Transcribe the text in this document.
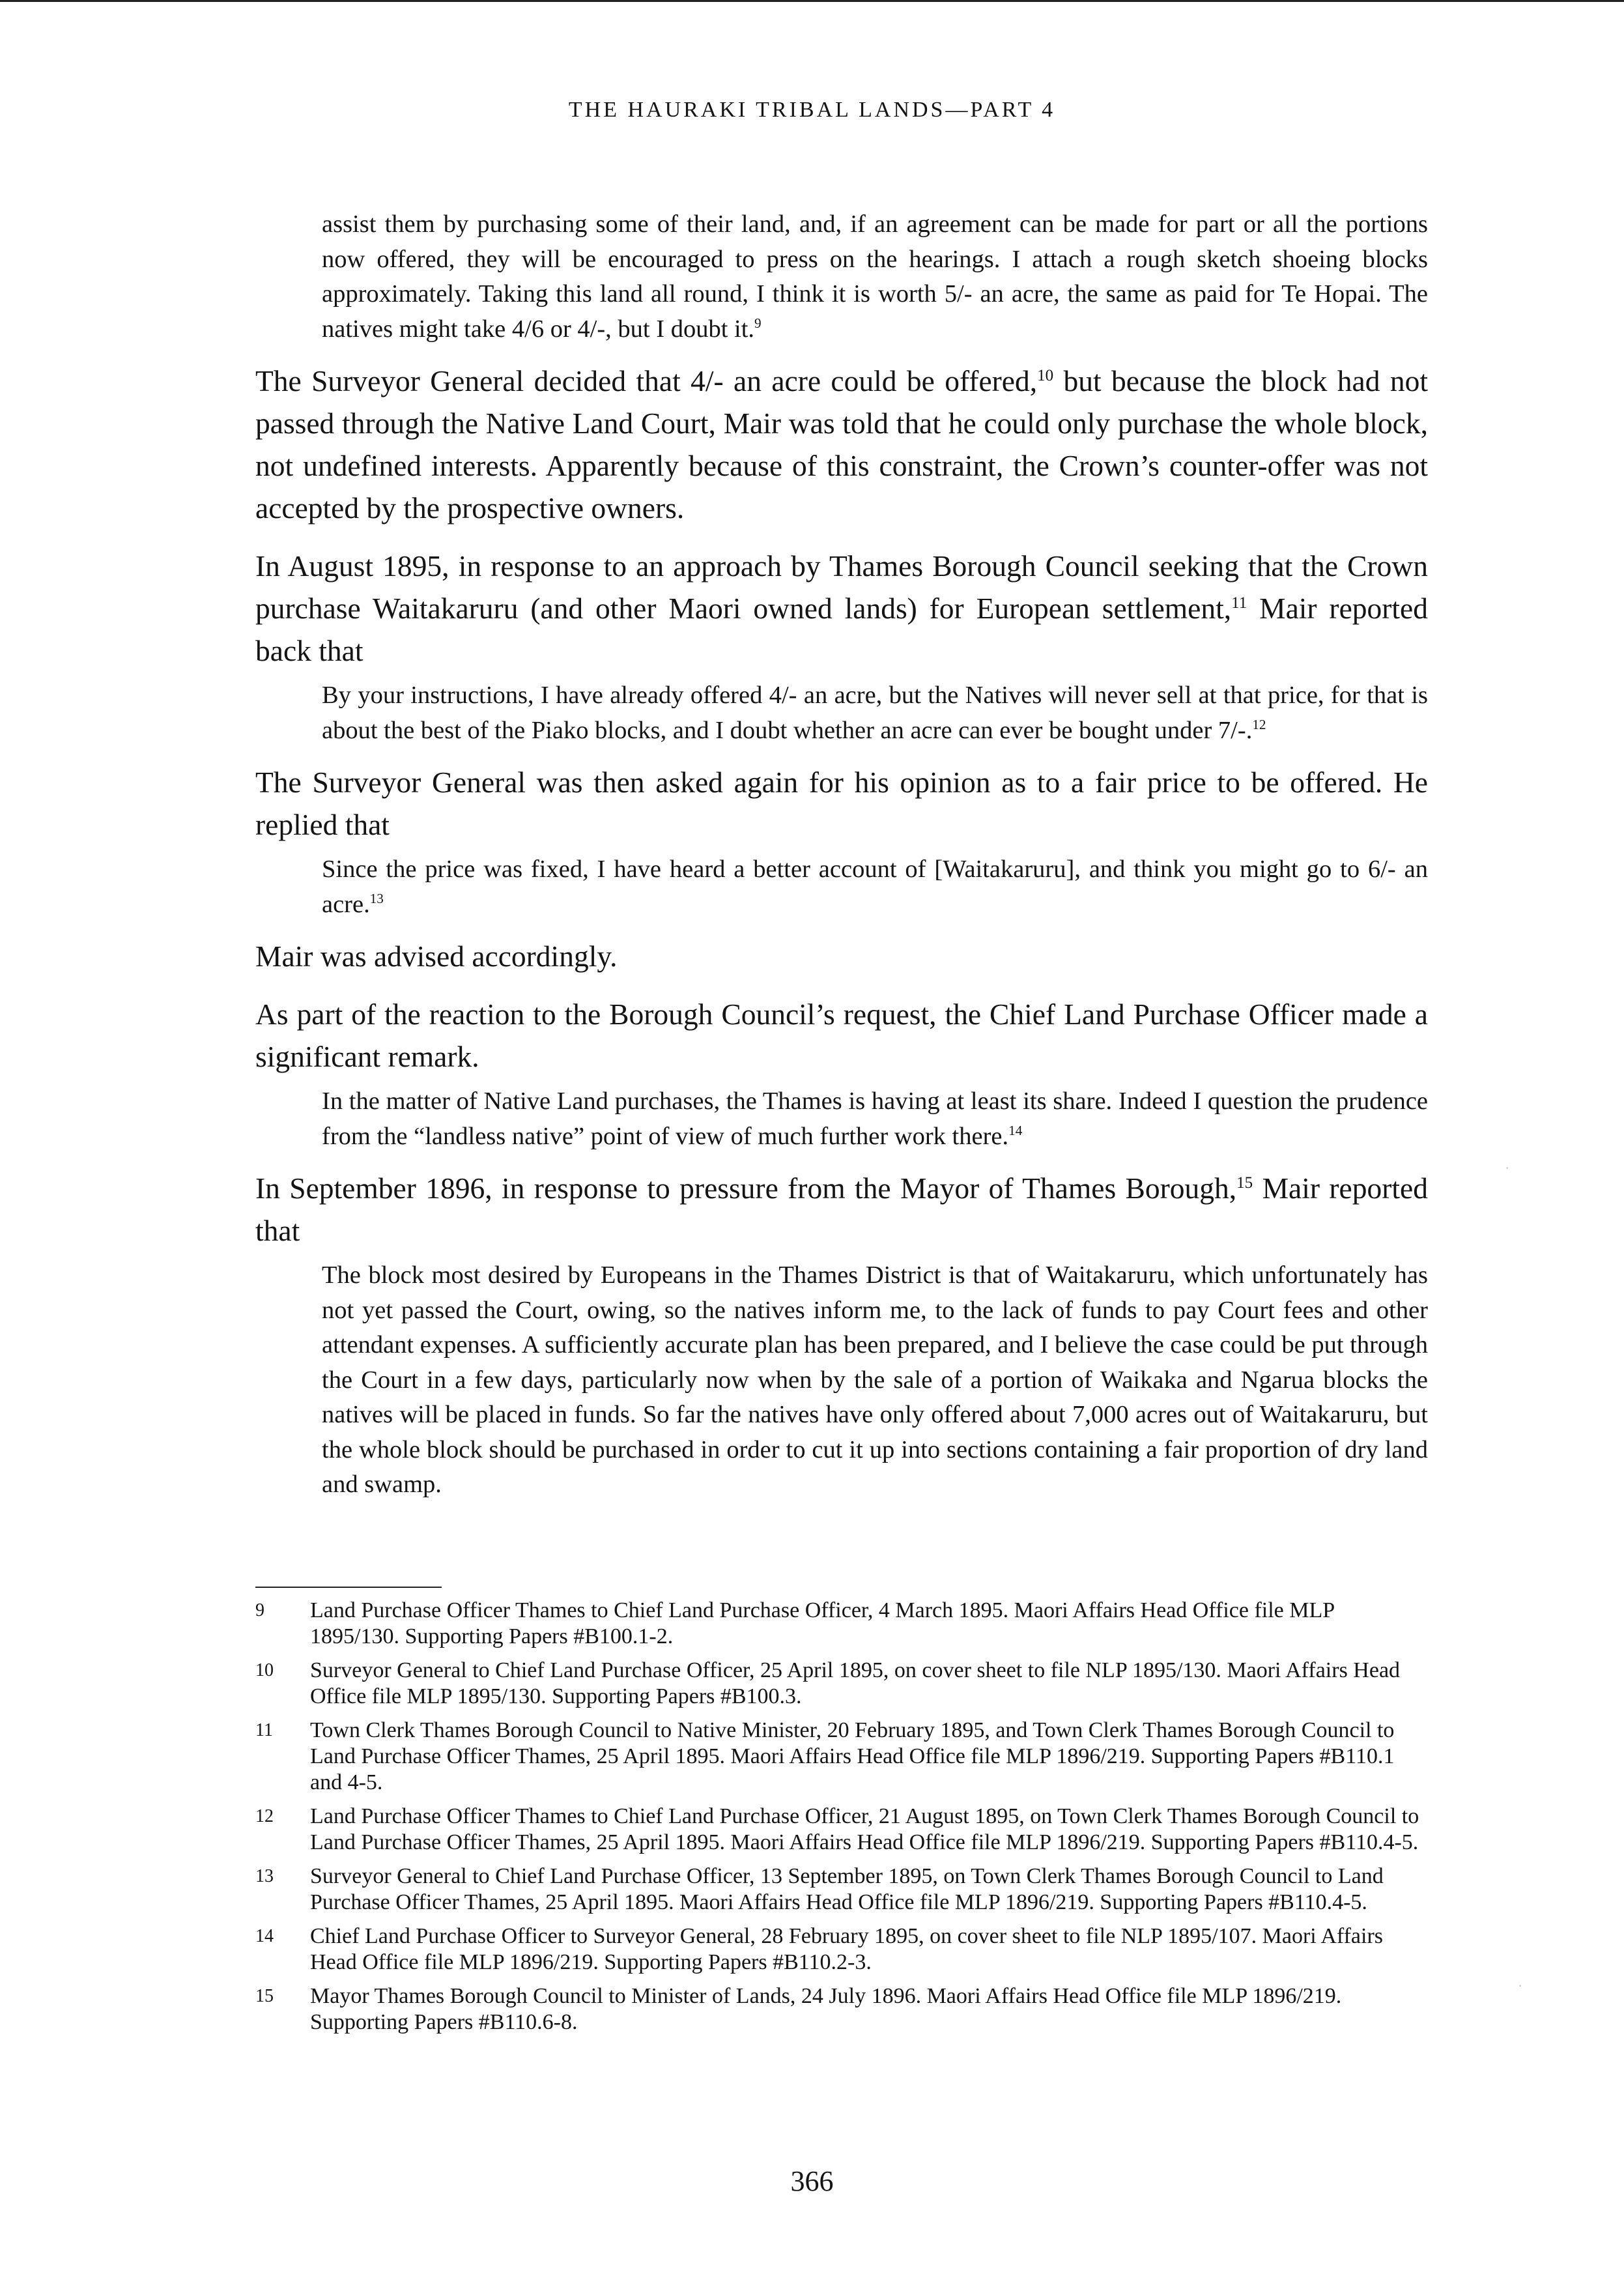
THE HAURAKI TRIBAL LANDS—PART 4
assist them by purchasing some of their land, and, if an agreement can be made for part or all the portions now offered, they will be encouraged to press on the hearings. I attach a rough sketch shoeing blocks approximately. Taking this land all round, I think it is worth 5/- an acre, the same as paid for Te Hopai. The natives might take 4/6 or 4/-, but I doubt it.$^9$
The Surveyor General decided that 4/- an acre could be offered,$^{10}$ but because the block had not passed through the Native Land Court, Mair was told that he could only purchase the whole block, not undefined interests. Apparently because of this constraint, the Crown’s counter-offer was not accepted by the prospective owners.
In August 1895, in response to an approach by Thames Borough Council seeking that the Crown purchase Waitakaruru (and other Maori owned lands) for European settlement,$^{11}$ Mair reported back that
By your instructions, I have already offered 4/- an acre, but the Natives will never sell at that price, for that is about the best of the Piako blocks, and I doubt whether an acre can ever be bought under 7/-.$^{12}$
The Surveyor General was then asked again for his opinion as to a fair price to be offered. He replied that
Since the price was fixed, I have heard a better account of [Waitakaruru], and think you might go to 6/- an acre.$^{13}$
Mair was advised accordingly.
As part of the reaction to the Borough Council’s request, the Chief Land Purchase Officer made a significant remark.
In the matter of Native Land purchases, the Thames is having at least its share. Indeed I question the prudence from the “landless native” point of view of much further work there.$^{14}$
In September 1896, in response to pressure from the Mayor of Thames Borough,$^{15}$ Mair reported that
The block most desired by Europeans in the Thames District is that of Waitakaruru, which unfortunately has not yet passed the Court, owing, so the natives inform me, to the lack of funds to pay Court fees and other attendant expenses. A sufficiently accurate plan has been prepared, and I believe the case could be put through the Court in a few days, particularly now when by the sale of a portion of Waikaka and Ngarua blocks the natives will be placed in funds. So far the natives have only offered about 7,000 acres out of Waitakaruru, but the whole block should be purchased in order to cut it up into sections containing a fair proportion of dry land and swamp.
9	Land Purchase Officer Thames to Chief Land Purchase Officer, 4 March 1895. Maori Affairs Head Office file MLP 1895/130. Supporting Papers #B100.1-2.
10	Surveyor General to Chief Land Purchase Officer, 25 April 1895, on cover sheet to file NLP 1895/130. Maori Affairs Head Office file MLP 1895/130. Supporting Papers #B100.3.
11	Town Clerk Thames Borough Council to Native Minister, 20 February 1895, and Town Clerk Thames Borough Council to Land Purchase Officer Thames, 25 April 1895. Maori Affairs Head Office file MLP 1896/219. Supporting Papers #B110.1 and 4-5.
12	Land Purchase Officer Thames to Chief Land Purchase Officer, 21 August 1895, on Town Clerk Thames Borough Council to Land Purchase Officer Thames, 25 April 1895. Maori Affairs Head Office file MLP 1896/219. Supporting Papers #B110.4-5.
13	Surveyor General to Chief Land Purchase Officer, 13 September 1895, on Town Clerk Thames Borough Council to Land Purchase Officer Thames, 25 April 1895. Maori Affairs Head Office file MLP 1896/219. Supporting Papers #B110.4-5.
14	Chief Land Purchase Officer to Surveyor General, 28 February 1895, on cover sheet to file NLP 1895/107. Maori Affairs Head Office file MLP 1896/219. Supporting Papers #B110.2-3.
15	Mayor Thames Borough Council to Minister of Lands, 24 July 1896. Maori Affairs Head Office file MLP 1896/219. Supporting Papers #B110.6-8.
366
·
·
